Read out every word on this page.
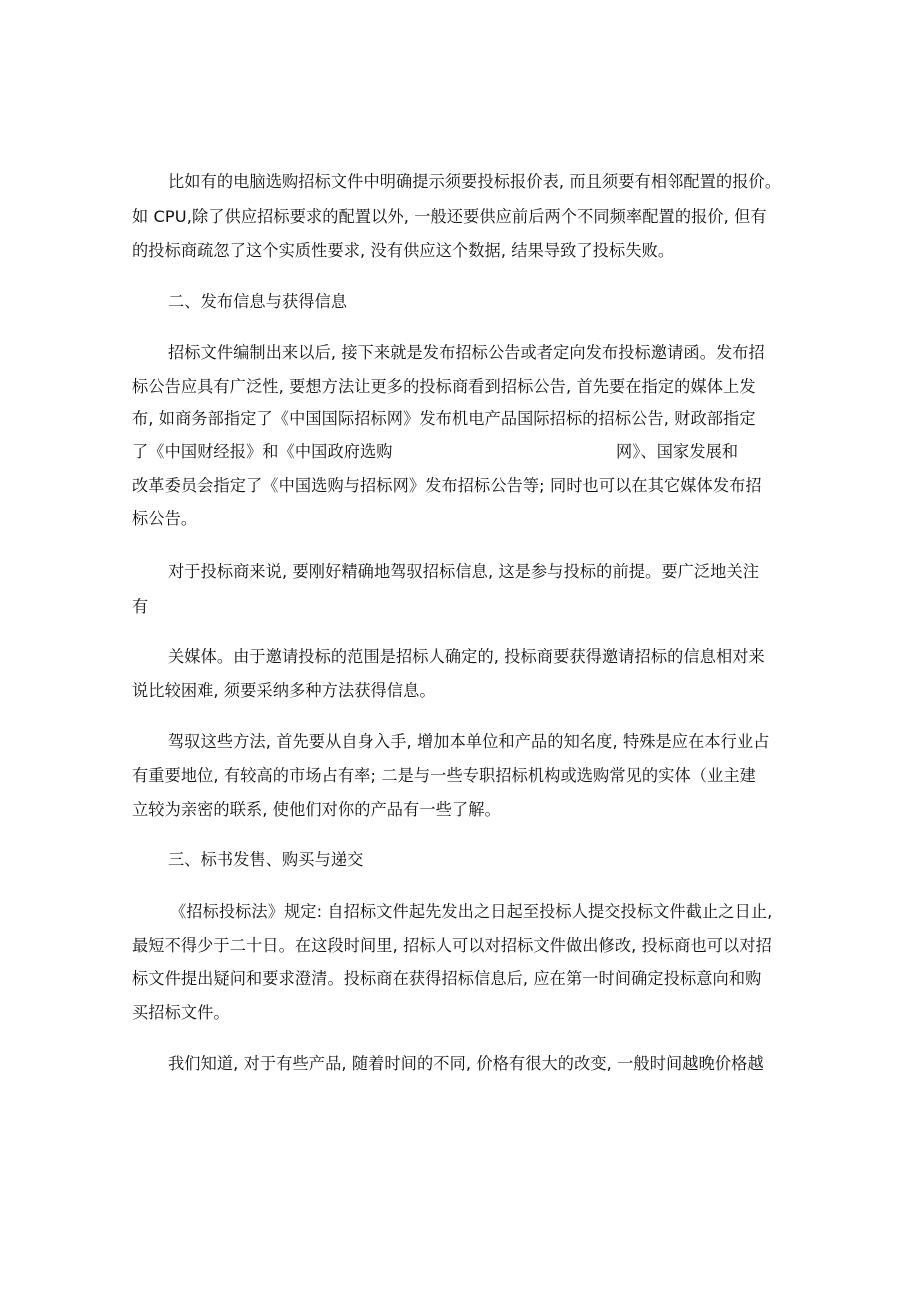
比如有的电脑选购招标文件中明确提示须要投标报价表, 而且须要有相邻配置的报价。
如 CPU,除了供应招标要求的配置以外, 一般还要供应前后两个不同频率配置的报价, 但有
的投标商疏忽了这个实质性要求, 没有供应这个数据, 结果导致了投标失败。
二、发布信息与获得信息
招标文件编制出来以后, 接下来就是发布招标公告或者定向发布投标邀请函。发布招
标公告应具有广泛性, 要想方法让更多的投标商看到招标公告, 首先要在指定的媒体上发
布, 如商务部指定了《中国国际招标网》发布机电产品国际招标的招标公告, 财政部指定
了《中国财经报》和《中国政府选购	网》、国家发展和
改革委员会指定了《中国选购与招标网》发布招标公告等; 同时也可以在其它媒体发布招
标公告。
对于投标商来说, 要刚好精确地驾驭招标信息, 这是参与投标的前提。要广泛地关注
有
关媒体。由于邀请投标的范围是招标人确定的, 投标商要获得邀请招标的信息相对来
说比较困难, 须要采纳多种方法获得信息。
驾驭这些方法, 首先要从自身入手, 增加本单位和产品的知名度, 特殊是应在本行业占
有重要地位, 有较高的市场占有率; 二是与一些专职招标机构或选购常见的实体（业主建
立较为亲密的联系, 使他们对你的产品有一些了解。
三、标书发售、购买与递交
《招标投标法》规定: 自招标文件起先发出之日起至投标人提交投标文件截止之日止,
最短不得少于二十日。在这段时间里, 招标人可以对招标文件做出修改, 投标商也可以对招
标文件提出疑问和要求澄清。投标商在获得招标信息后, 应在第一时间确定投标意向和购
买招标文件。
我们知道, 对于有些产品, 随着时间的不同, 价格有很大的改变, 一般时间越晚价格越
